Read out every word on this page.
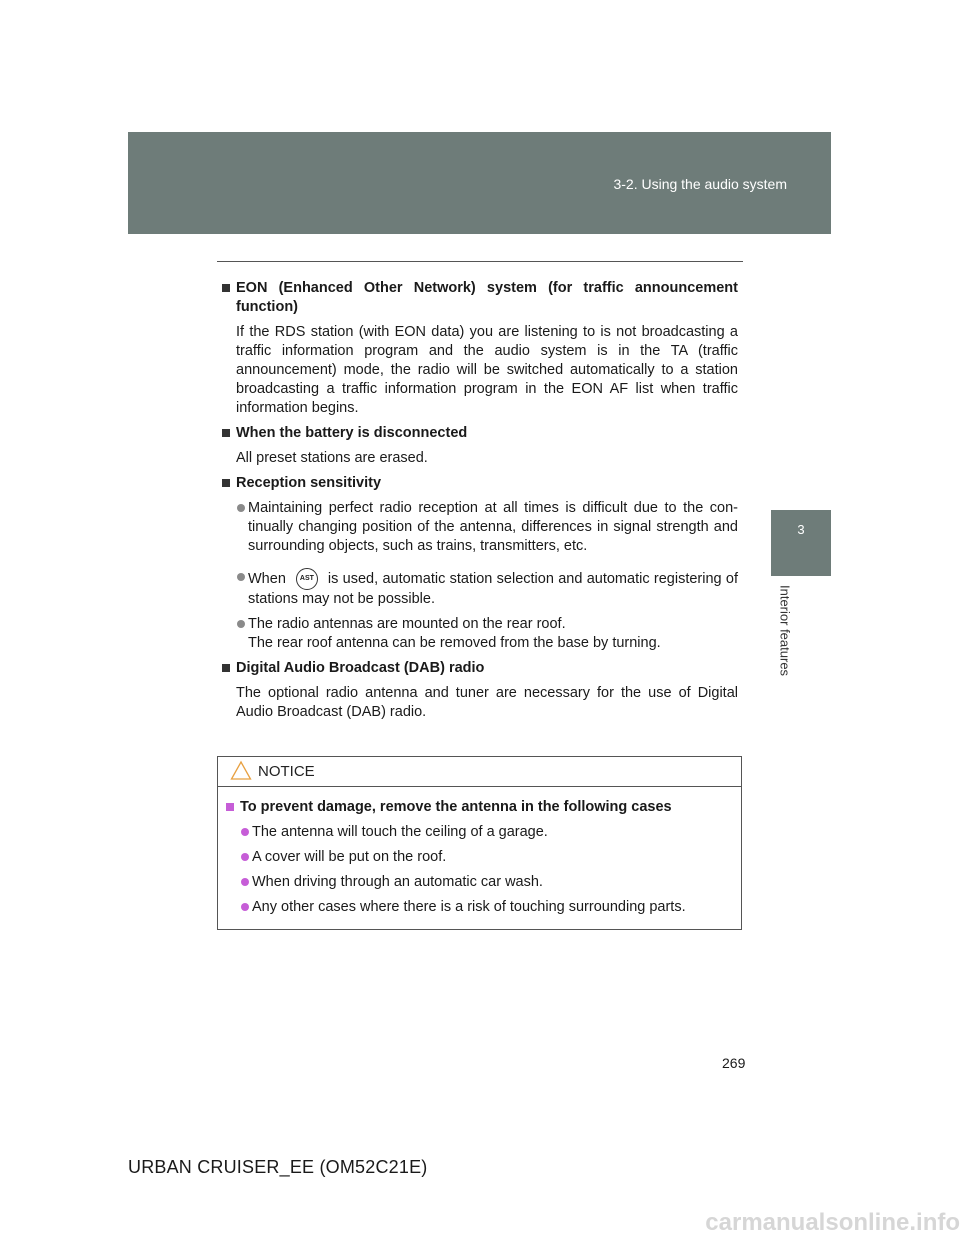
3-2. Using the audio system
3
Interior features

EON (Enhanced Other Network) system (for traffic announcement function)

If the RDS station (with EON data) you are listening to is not broadcasting a traffic information program and the audio system is in the TA (traffic announcement) mode, the radio will be switched automatically to a station broadcasting a traffic information program in the EON AF list when traffic information begins.

When the battery is disconnected

All preset stations are erased.

Reception sensitivity

Maintaining perfect radio reception at all times is difficult due to the con- tinually changing position of the antenna, differences in signal strength and surrounding objects, such as trains, transmitters, etc.

When AST is used, automatic station selection and automatic registering of stations may not be possible.

The radio antennas are mounted on the rear roof.
The rear roof antenna can be removed from the base by turning.

Digital Audio Broadcast (DAB) radio

The optional radio antenna and tuner are necessary for the use of Digital Audio Broadcast (DAB) radio.

NOTICE

To prevent damage, remove the antenna in the following cases

The antenna will touch the ceiling of a garage.

A cover will be put on the roof.

When driving through an automatic car wash.

Any other cases where there is a risk of touching surrounding parts.

269
URBAN CRUISER_EE (OM52C21E)
carmanualsonline.info
